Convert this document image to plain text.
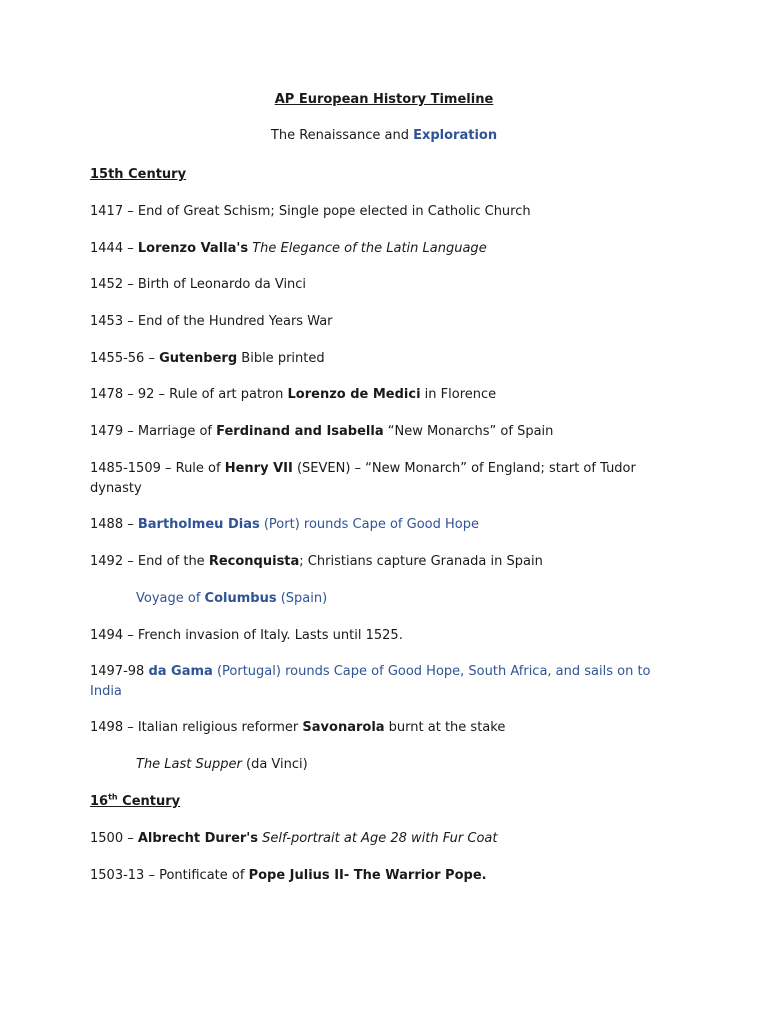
AP European History Timeline
The Renaissance and Exploration
15th Century
1417 – End of Great Schism; Single pope elected in Catholic Church
1444 – Lorenzo Valla's The Elegance of the Latin Language
1452 – Birth of Leonardo da Vinci
1453 – End of the Hundred Years War
1455-56 – Gutenberg Bible printed
1478 – 92 – Rule of art patron Lorenzo de Medici in Florence
1479 – Marriage of Ferdinand and Isabella “New Monarchs” of Spain
1485-1509 – Rule of Henry VII (SEVEN) – “New Monarch” of England; start of Tudor dynasty
1488 – Bartholmeu Dias (Port) rounds Cape of Good Hope
1492 – End of the Reconquista; Christians capture Granada in Spain
Voyage of Columbus (Spain)
1494 – French invasion of Italy. Lasts until 1525.
1497-98 da Gama (Portugal) rounds Cape of Good Hope, South Africa, and sails on to India
1498 – Italian religious reformer Savonarola burnt at the stake
The Last Supper (da Vinci)
16th Century
1500 – Albrecht Durer's Self-portrait at Age 28 with Fur Coat
1503-13 – Pontificate of Pope Julius II- The Warrior Pope.
